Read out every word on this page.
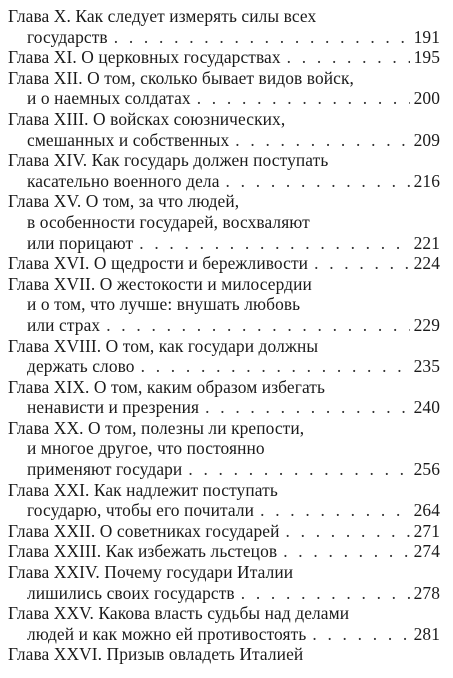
Глава X. Как следует измерять силы всех
государств . . .	191
Глава XI. О церковных государствах . . .	195
Глава XII. О том, сколько бывает видов войск,
и о наемных солдатах . . .	200
Глава XIII. О войсках союзнических,
смешанных и собственных . . .	209
Глава XIV. Как государь должен поступать
касательно военного дела . . .	216
Глава XV. О том, за что людей,
в особенности государей, восхваляют
или порицают . . .	221
Глава XVI. О щедрости и бережливости . . .	224
Глава XVII. О жестокости и милосердии
и о том, что лучше: внушать любовь
или страх . . .	229
Глава XVIII. О том, как государи должны
держать слово . . .	235
Глава XIX. О том, каким образом избегать
ненависти и презрения . . .	240
Глава XX. О том, полезны ли крепости,
и многое другое, что постоянно
применяют государи . . .	256
Глава XXI. Как надлежит поступать
государю, чтобы его почитали . . .	264
Глава XXII. О советниках государей . . .	271
Глава XXIII. Как избежать льстецов . . .	274
Глава XXIV. Почему государи Италии
лишились своих государств . . .	278
Глава XXV. Какова власть судьбы над делами
людей и как можно ей противостоять . . .	281
Глава XXVI. Призыв овладеть Италией
